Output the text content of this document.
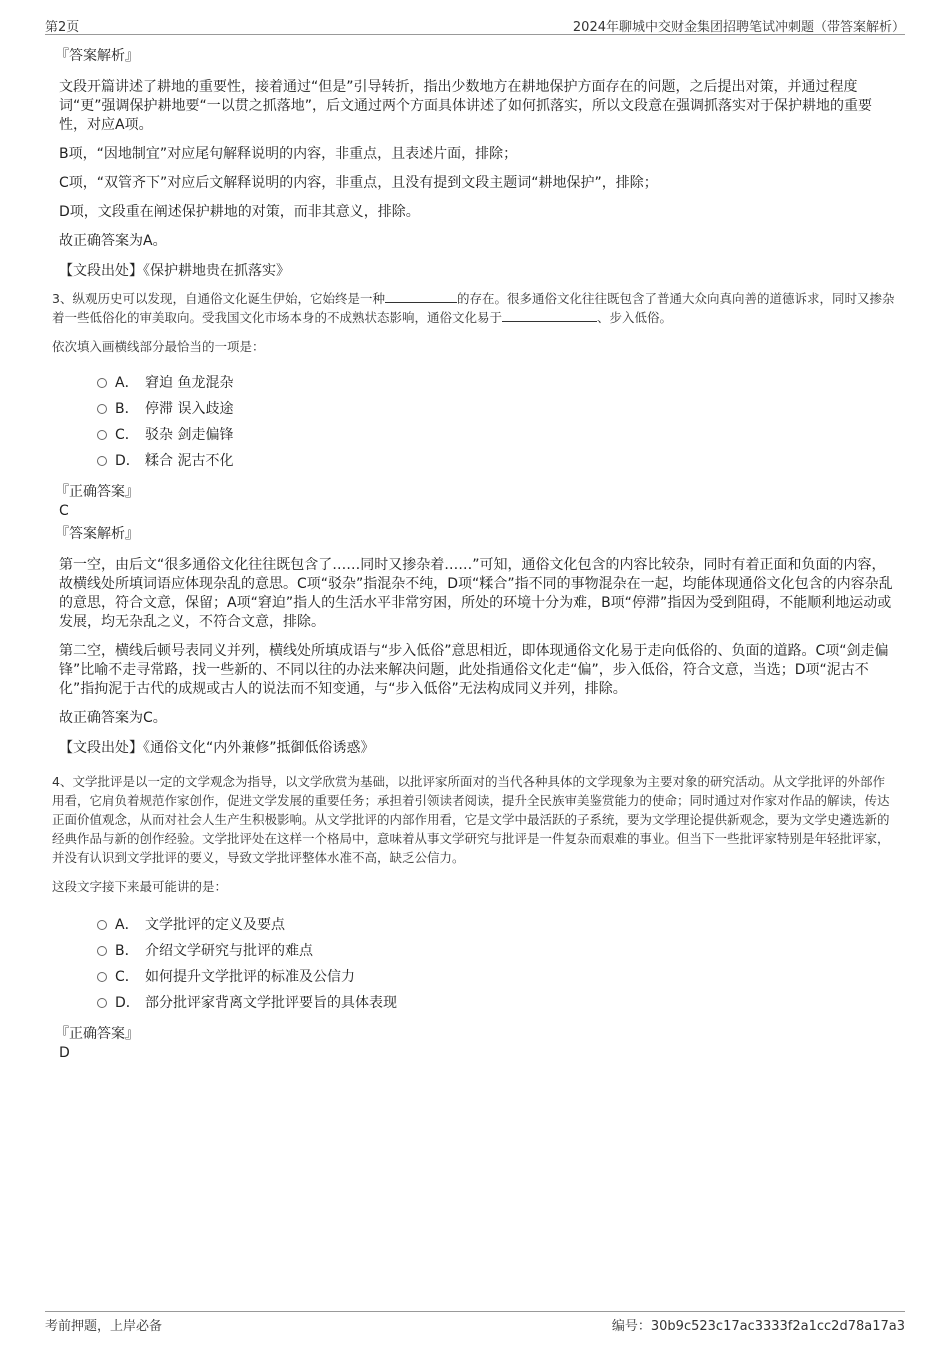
第2页	2024年聊城中交财金集团招聘笔试冲刺题（带答案解析）

『答案解析』

文段开篇讲述了耕地的重要性，接着通过“但是”引导转折，指出少数地方在耕地保护方面存在的问题，之后提出对策，并通过程度词“更”强调保护耕地要“一以贯之抓落地”，后文通过两个方面具体讲述了如何抓落实，所以文段意在强调抓落实对于保护耕地的重要性，对应A项。

B项，“因地制宜”对应尾句解释说明的内容，非重点，且表述片面，排除；

C项，“双管齐下”对应后文解释说明的内容，非重点，且没有提到文段主题词“耕地保护”，排除；

D项，文段重在阐述保护耕地的对策，而非其意义，排除。

故正确答案为A。

【文段出处】《保护耕地贵在抓落实》

3、纵观历史可以发现，自通俗文化诞生伊始，它始终是一种	的存在。很多通俗文化往往既包含了普通大众向真向善的道德诉求，同时又掺杂着一些低俗化的审美取向。受我国文化市场本身的不成熟状态影响，通俗文化易于	、步入低俗。

依次填入画横线部分最恰当的一项是：

A． 窘迫 鱼龙混杂
B． 停滞 误入歧途
C． 驳杂 剑走偏锋
D． 糅合 泥古不化

『正确答案』

C

『答案解析』

第一空，由后文“很多通俗文化往往既包含了……同时又掺杂着……”可知，通俗文化包含的内容比较杂，同时有着正面和负面的内容，故横线处所填词语应体现杂乱的意思。C项“驳杂”指混杂不纯，D项“糅合”指不同的事物混杂在一起，均能体现通俗文化包含的内容杂乱的意思，符合文意，保留；A项“窘迫”指人的生活水平非常穷困，所处的环境十分为难，B项“停滞”指因为受到阻碍，不能顺利地运动或发展，均无杂乱之义，不符合文意，排除。

第二空，横线后顿号表同义并列，横线处所填成语与“步入低俗”意思相近，即体现通俗文化易于走向低俗的、负面的道路。C项“剑走偏锋”比喻不走寻常路，找一些新的、不同以往的办法来解决问题，此处指通俗文化走“偏”，步入低俗，符合文意，当选；D项“泥古不化”指拘泥于古代的成规或古人的说法而不知变通，与“步入低俗”无法构成同义并列，排除。

故正确答案为C。

【文段出处】《通俗文化“内外兼修”抵御低俗诱惑》

4、文学批评是以一定的文学观念为指导，以文学欣赏为基础，以批评家所面对的当代各种具体的文学现象为主要对象的研究活动。从文学批评的外部作用看，它肩负着规范作家创作，促进文学发展的重要任务；承担着引领读者阅读，提升全民族审美鉴赏能力的使命；同时通过对作家对作品的解读，传达正面价值观念，从而对社会人生产生积极影响。从文学批评的内部作用看，它是文学中最活跃的子系统，要为文学理论提供新观念，要为文学史遴选新的经典作品与新的创作经验。文学批评处在这样一个格局中，意味着从事文学研究与批评是一件复杂而艰难的事业。但当下一些批评家特别是年轻批评家，并没有认识到文学批评的要义，导致文学批评整体水准不高，缺乏公信力。

这段文字接下来最可能讲的是：

A． 文学批评的定义及要点
B． 介绍文学研究与批评的难点
C． 如何提升文学批评的标准及公信力
D． 部分批评家背离文学批评要旨的具体表现

『正确答案』

D

考前押题，上岸必备	编号：30b9c523c17ac3333f2a1cc2d78a17a3
